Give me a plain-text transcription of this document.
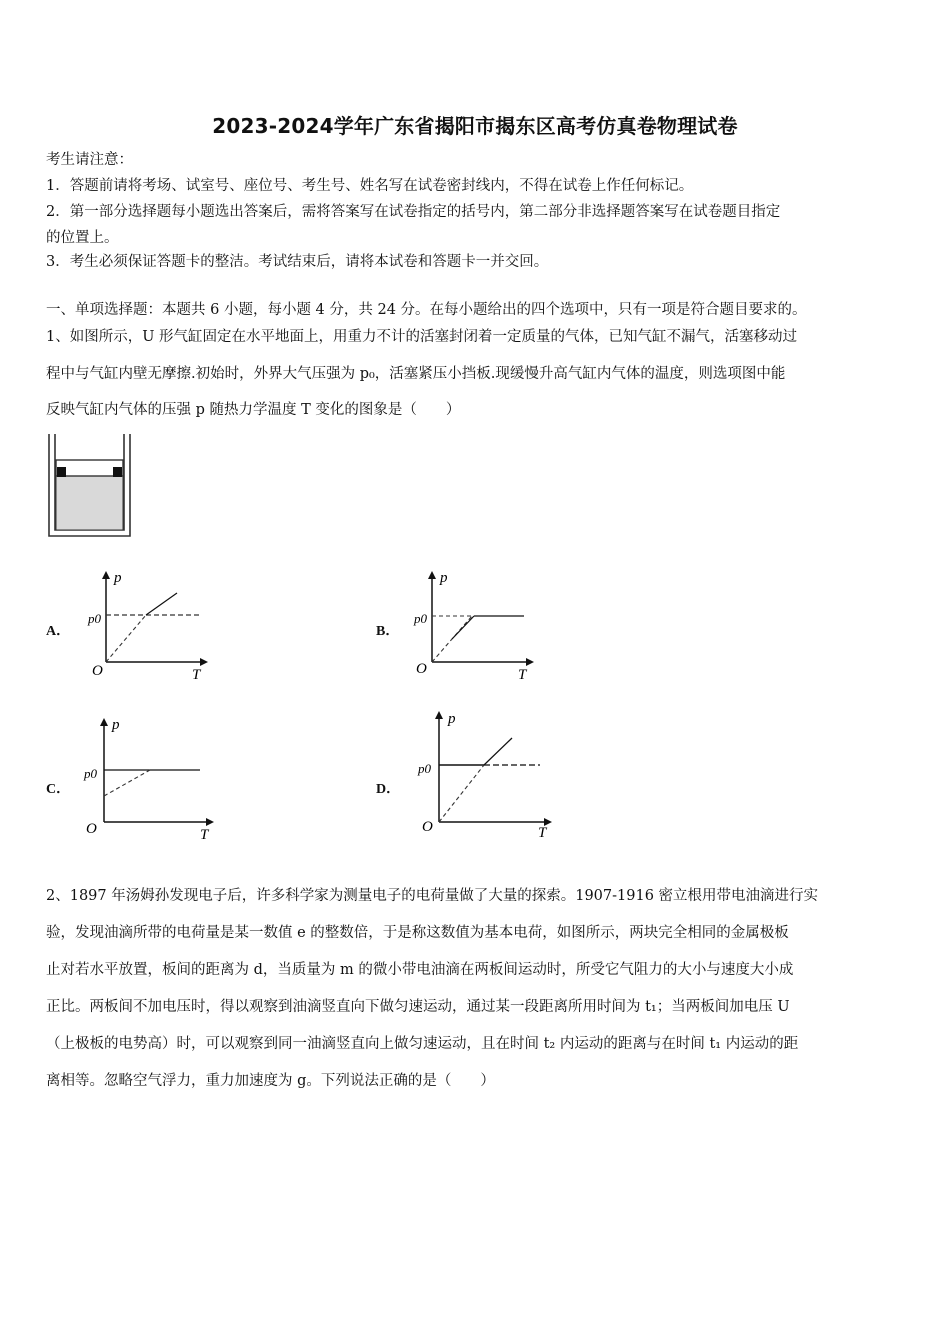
2023-2024学年广东省揭阳市揭东区高考仿真卷物理试卷
考生请注意：
1．答题前请将考场、试室号、座位号、考生号、姓名写在试卷密封线内，不得在试卷上作任何标记。
2．第一部分选择题每小题选出答案后，需将答案写在试卷指定的括号内，第二部分非选择题答案写在试卷题目指定
的位置上。
3．考生必须保证答题卡的整洁。考试结束后，请将本试卷和答题卡一并交回。
一、单项选择题：本题共 6 小题，每小题 4 分，共 24 分。在每小题给出的四个选项中，只有一项是符合题目要求的。
1、如图所示，U 形气缸固定在水平地面上，用重力不计的活塞封闭着一定质量的气体，已知气缸不漏气，活塞移动过
程中与气缸内壁无摩擦.初始时，外界大气压强为 p₀，活塞紧压小挡板.现缓慢升高气缸内气体的温度，则选项图中能
反映气缸内气体的压强 p 随热力学温度 T 变化的图象是（　　）
A．
p
p0
O	T
B．
p
p0
O	T
C．
p
p0
O	T
D．
p
p0
O	T
2、1897 年汤姆孙发现电子后，许多科学家为测量电子的电荷量做了大量的探索。1907-1916 密立根用带电油滴进行实
验，发现油滴所带的电荷量是某一数值 e 的整数倍，于是称这数值为基本电荷，如图所示，两块完全相同的金属极板
止对若水平放置，板间的距离为 d，当质量为 m 的微小带电油滴在两板间运动时，所受它气阻力的大小与速度大小成
正比。两板间不加电压时，得以观察到油滴竖直向下做匀速运动，通过某一段距离所用时间为 t₁；当两板间加电压 U
（上极板的电势高）时，可以观察到同一油滴竖直向上做匀速运动，且在时间 t₂ 内运动的距离与在时间 t₁ 内运动的距
离相等。忽略空气浮力，重力加速度为 g。下列说法正确的是（　　）
